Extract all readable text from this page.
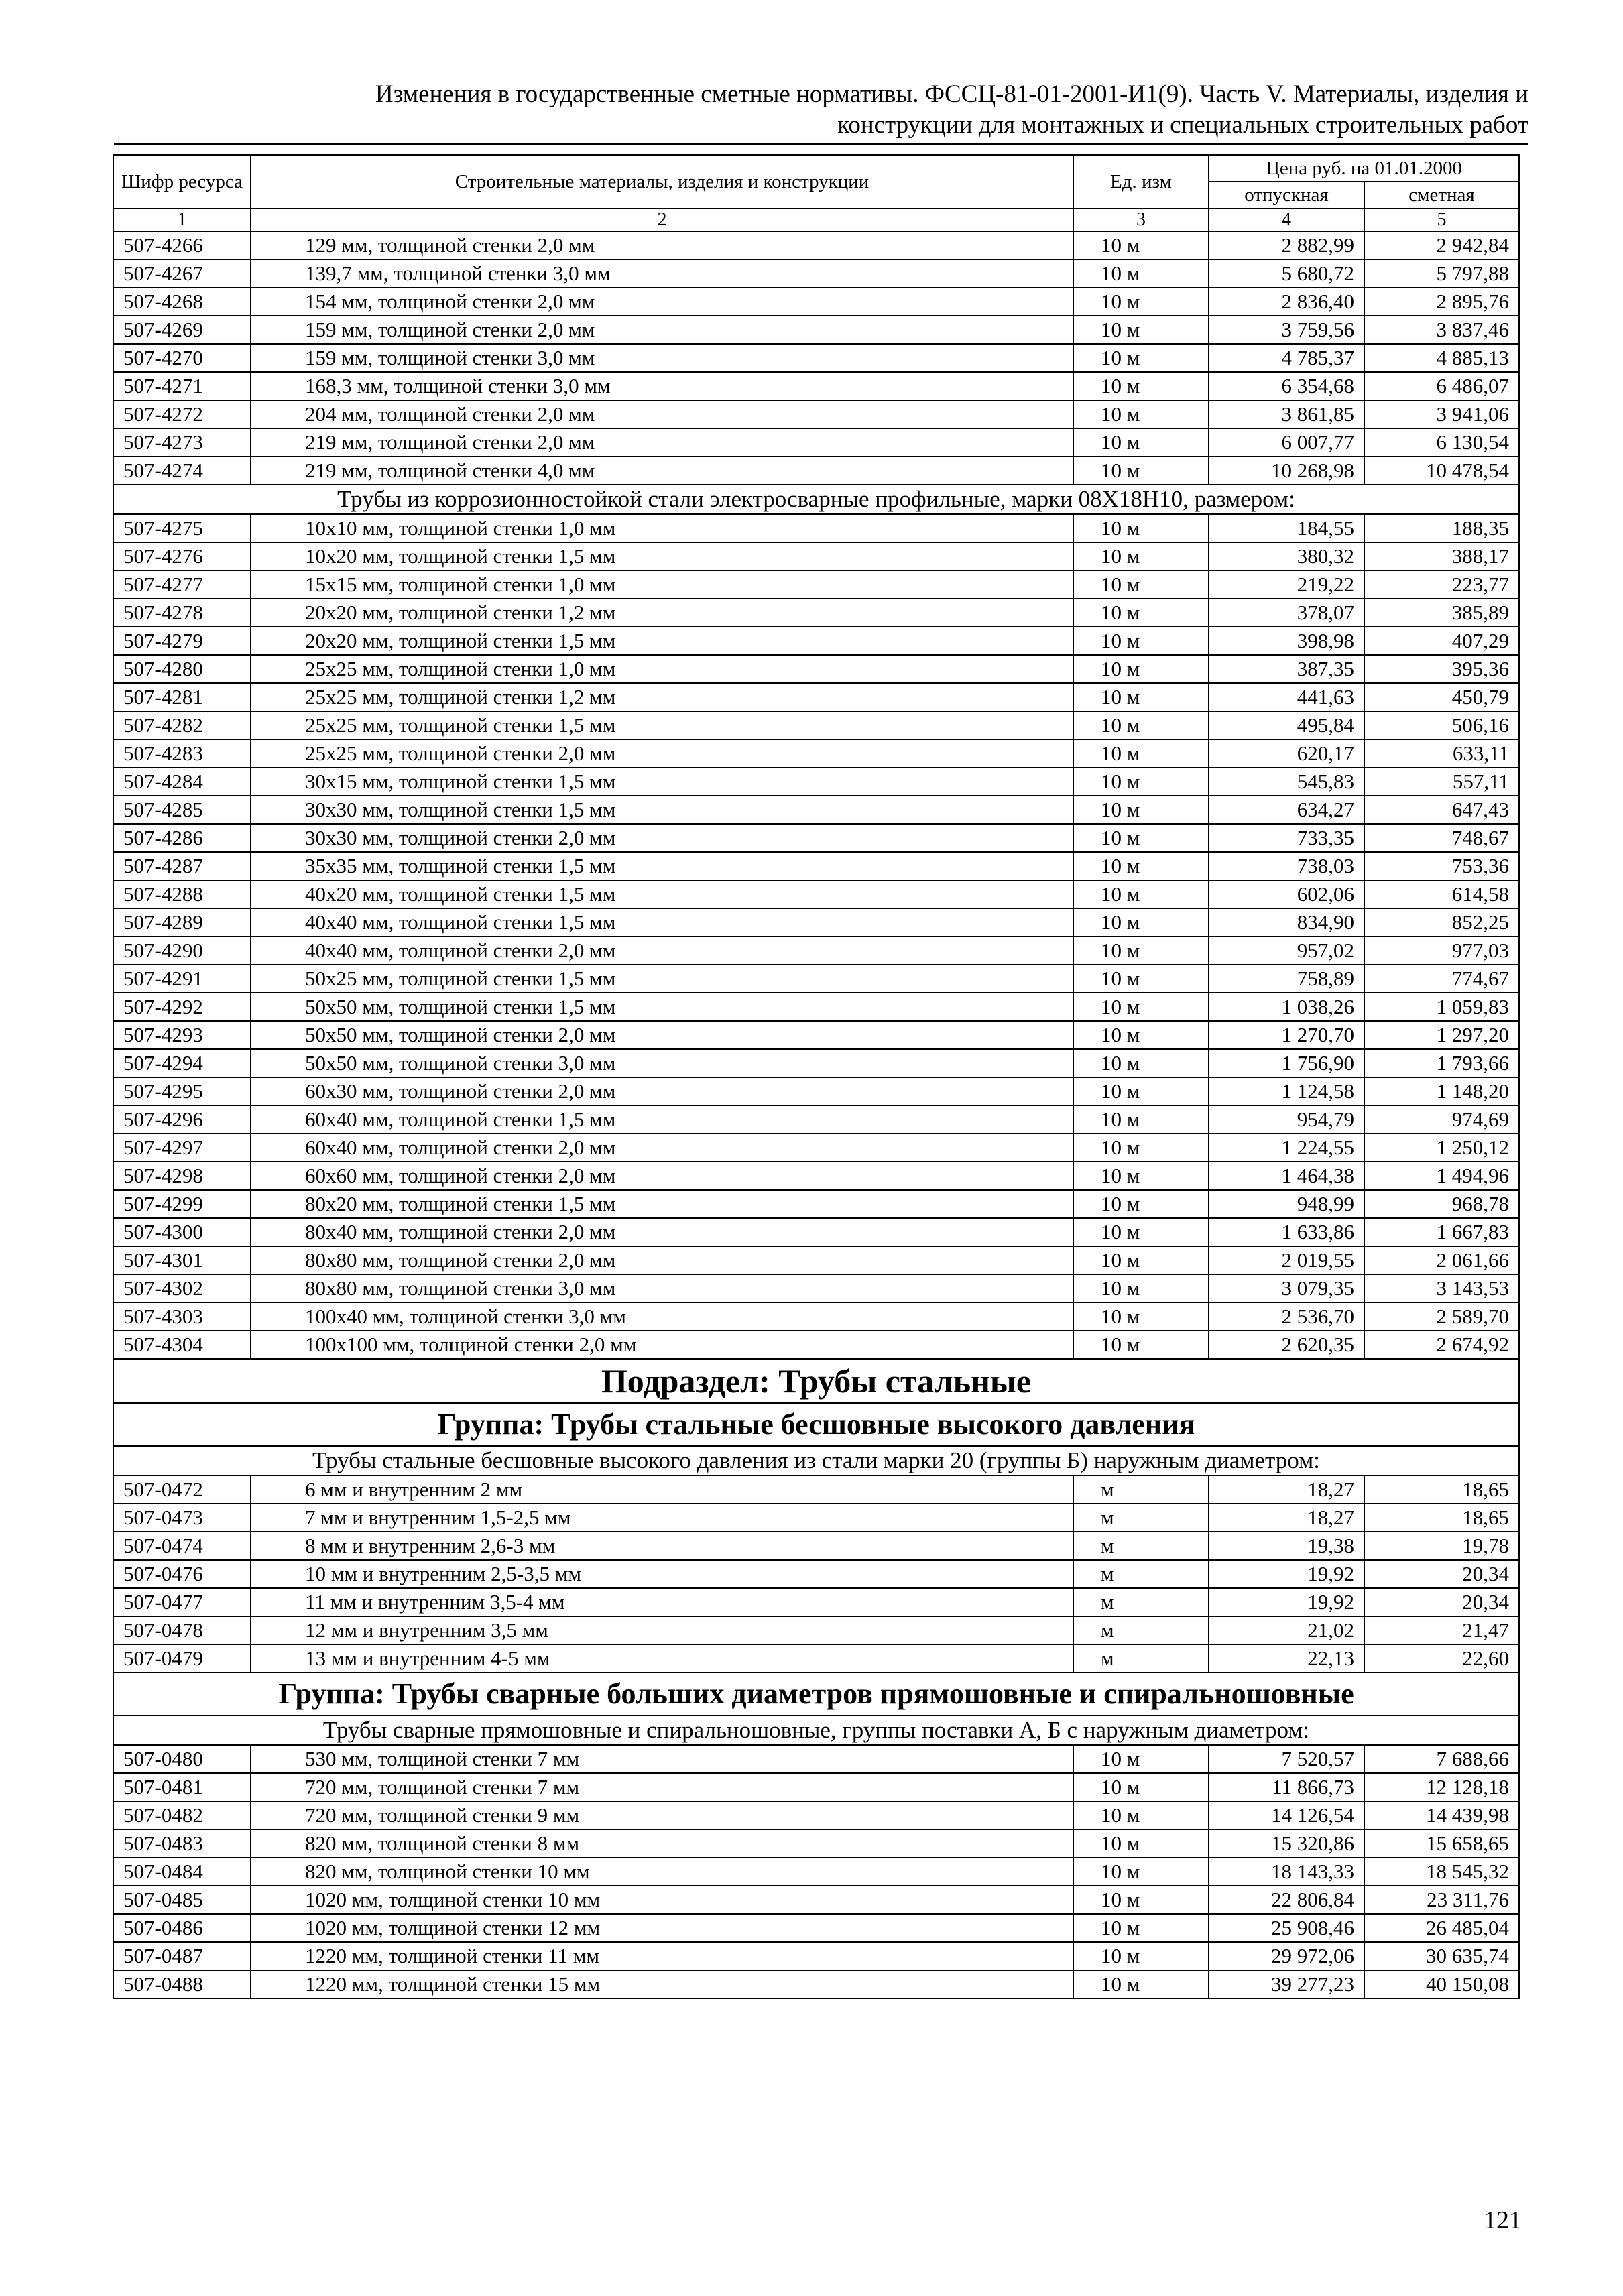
Изменения в государственные сметные нормативы. ФССЦ-81-01-2001-И1(9). Часть V. Материалы, изделия и
конструкции для монтажных и специальных строительных работ
Шифр ресурса	Строительные материалы, изделия и конструкции	Ед. изм	Цена руб. на 01.01.2000	
			отпускная	сметная
1	2	3	4	5
507-4266	129 мм, толщиной стенки 2,0 мм	10 м	2 882,99	2 942,84
507-4267	139,7 мм, толщиной стенки 3,0 мм	10 м	5 680,72	5 797,88
507-4268	154 мм, толщиной стенки 2,0 мм	10 м	2 836,40	2 895,76
507-4269	159 мм, толщиной стенки 2,0 мм	10 м	3 759,56	3 837,46
507-4270	159 мм, толщиной стенки 3,0 мм	10 м	4 785,37	4 885,13
507-4271	168,3 мм, толщиной стенки 3,0 мм	10 м	6 354,68	6 486,07
507-4272	204 мм, толщиной стенки 2,0 мм	10 м	3 861,85	3 941,06
507-4273	219 мм, толщиной стенки 2,0 мм	10 м	6 007,77	6 130,54
507-4274	219 мм, толщиной стенки 4,0 мм	10 м	10 268,98	10 478,54
Трубы из коррозионностойкой стали электросварные профильные, марки 08Х18Н10, размером:				
507-4275	10x10 мм, толщиной стенки 1,0 мм	10 м	184,55	188,35
507-4276	10x20 мм, толщиной стенки 1,5 мм	10 м	380,32	388,17
507-4277	15x15 мм, толщиной стенки 1,0 мм	10 м	219,22	223,77
507-4278	20x20 мм, толщиной стенки 1,2 мм	10 м	378,07	385,89
507-4279	20x20 мм, толщиной стенки 1,5 мм	10 м	398,98	407,29
507-4280	25x25 мм, толщиной стенки 1,0 мм	10 м	387,35	395,36
507-4281	25x25 мм, толщиной стенки 1,2 мм	10 м	441,63	450,79
507-4282	25x25 мм, толщиной стенки 1,5 мм	10 м	495,84	506,16
507-4283	25x25 мм, толщиной стенки 2,0 мм	10 м	620,17	633,11
507-4284	30x15 мм, толщиной стенки 1,5 мм	10 м	545,83	557,11
507-4285	30x30 мм, толщиной стенки 1,5 мм	10 м	634,27	647,43
507-4286	30x30 мм, толщиной стенки 2,0 мм	10 м	733,35	748,67
507-4287	35x35 мм, толщиной стенки 1,5 мм	10 м	738,03	753,36
507-4288	40x20 мм, толщиной стенки 1,5 мм	10 м	602,06	614,58
507-4289	40x40 мм, толщиной стенки 1,5 мм	10 м	834,90	852,25
507-4290	40x40 мм, толщиной стенки 2,0 мм	10 м	957,02	977,03
507-4291	50x25 мм, толщиной стенки 1,5 мм	10 м	758,89	774,67
507-4292	50x50 мм, толщиной стенки 1,5 мм	10 м	1 038,26	1 059,83
507-4293	50x50 мм, толщиной стенки 2,0 мм	10 м	1 270,70	1 297,20
507-4294	50x50 мм, толщиной стенки 3,0 мм	10 м	1 756,90	1 793,66
507-4295	60x30 мм, толщиной стенки 2,0 мм	10 м	1 124,58	1 148,20
507-4296	60x40 мм, толщиной стенки 1,5 мм	10 м	954,79	974,69
507-4297	60x40 мм, толщиной стенки 2,0 мм	10 м	1 224,55	1 250,12
507-4298	60x60 мм, толщиной стенки 2,0 мм	10 м	1 464,38	1 494,96
507-4299	80x20 мм, толщиной стенки 1,5 мм	10 м	948,99	968,78
507-4300	80x40 мм, толщиной стенки 2,0 мм	10 м	1 633,86	1 667,83
507-4301	80x80 мм, толщиной стенки 2,0 мм	10 м	2 019,55	2 061,66
507-4302	80x80 мм, толщиной стенки 3,0 мм	10 м	3 079,35	3 143,53
507-4303	100x40 мм, толщиной стенки 3,0 мм	10 м	2 536,70	2 589,70
507-4304	100x100 мм, толщиной стенки 2,0 мм	10 м	2 620,35	2 674,92
Подраздел: Трубы стальные				
Группа: Трубы стальные бесшовные высокого давления				
Трубы стальные бесшовные высокого давления из стали марки 20 (группы Б) наружным диаметром:				
507-0472	6 мм и внутренним 2 мм	м	18,27	18,65
507-0473	7 мм и внутренним 1,5-2,5 мм	м	18,27	18,65
507-0474	8 мм и внутренним 2,6-3 мм	м	19,38	19,78
507-0476	10 мм и внутренним 2,5-3,5 мм	м	19,92	20,34
507-0477	11 мм и внутренним 3,5-4 мм	м	19,92	20,34
507-0478	12 мм и внутренним 3,5 мм	м	21,02	21,47
507-0479	13 мм и внутренним 4-5 мм	м	22,13	22,60
Группа: Трубы сварные больших диаметров прямошовные и спиральношовные				
Трубы сварные прямошовные и спиральношовные, группы поставки А, Б с наружным диаметром:				
507-0480	530 мм, толщиной стенки 7 мм	10 м	7 520,57	7 688,66
507-0481	720 мм, толщиной стенки 7 мм	10 м	11 866,73	12 128,18
507-0482	720 мм, толщиной стенки 9 мм	10 м	14 126,54	14 439,98
507-0483	820 мм, толщиной стенки 8 мм	10 м	15 320,86	15 658,65
507-0484	820 мм, толщиной стенки 10 мм	10 м	18 143,33	18 545,32
507-0485	1020 мм, толщиной стенки 10 мм	10 м	22 806,84	23 311,76
507-0486	1020 мм, толщиной стенки 12 мм	10 м	25 908,46	26 485,04
507-0487	1220 мм, толщиной стенки 11 мм	10 м	29 972,06	30 635,74
507-0488	1220 мм, толщиной стенки 15 мм	10 м	39 277,23	40 150,08
121
